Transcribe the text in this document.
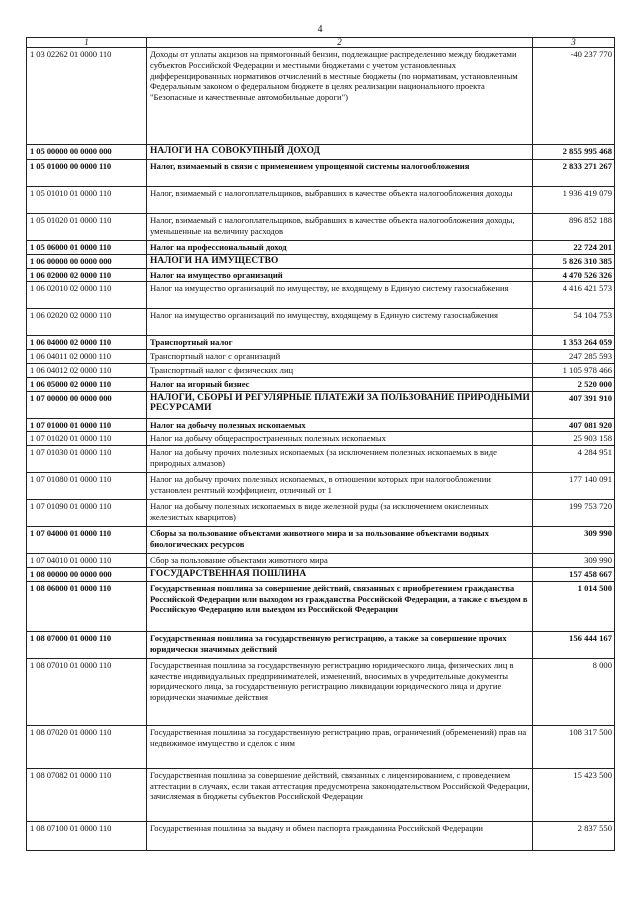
4
1	2	3
1 03 02262 01 0000 110	Доходы от уплаты акцизов на прямогонный бензин, подлежащие распределению между бюджетами субъектов Российской Федерации и местными бюджетами с учетом установленных дифференцированных нормативов отчислений в местные бюджеты (по нормативам, установленным Федеральным законом о федеральном бюджете в целях реализации национального проекта "Безопасные и качественные автомобильные дороги")	-40 237 770
1 05 00000 00 0000 000	НАЛОГИ НА СОВОКУПНЫЙ ДОХОД	2 855 995 468
1 05 01000 00 0000 110	Налог, взимаемый в связи с применением упрощенной системы налогообложения	2 833 271 267
1 05 01010 01 0000 110	Налог, взимаемый с налогоплательщиков, выбравших в качестве объекта налогообложения доходы	1 936 419 079
1 05 01020 01 0000 110	Налог, взимаемый с налогоплательщиков, выбравших в качестве объекта налогообложения доходы, уменьшенные на величину расходов	896 852 188
1 05 06000 01 0000 110	Налог на профессиональный доход	22 724 201
1 06 00000 00 0000 000	НАЛОГИ НА ИМУЩЕСТВО	5 826 310 385
1 06 02000 02 0000 110	Налог на имущество организаций	4 470 526 326
1 06 02010 02 0000 110	Налог на имущество организаций по имуществу, не входящему в Единую систему газоснабжения	4 416 421 573
1 06 02020 02 0000 110	Налог на имущество организаций по имуществу, входящему в Единую систему газоснабжения	54 104 753
1 06 04000 02 0000 110	Транспортный налог	1 353 264 059
1 06 04011 02 0000 110	Транспортный налог с организаций	247 285 593
1 06 04012 02 0000 110	Транспортный налог с физических лиц	1 105 978 466
1 06 05000 02 0000 110	Налог на игорный бизнес	2 520 000
1 07 00000 00 0000 000	НАЛОГИ, СБОРЫ И РЕГУЛЯРНЫЕ ПЛАТЕЖИ ЗА ПОЛЬЗОВАНИЕ ПРИРОДНЫМИ РЕСУРСАМИ	407 391 910
1 07 01000 01 0000 110	Налог на добычу полезных ископаемых	407 081 920
1 07 01020 01 0000 110	Налог на добычу общераспространенных полезных ископаемых	25 903 158
1 07 01030 01 0000 110	Налог на добычу прочих полезных ископаемых (за исключением полезных ископаемых в виде природных алмазов)	4 284 951
1 07 01080 01 0000 110	Налог на добычу прочих полезных ископаемых, в отношении которых при налогообложении установлен рентный коэффициент, отличный от 1	177 140 091
1 07 01090 01 0000 110	Налог на добычу полезных ископаемых в виде железной руды (за исключением окисленных железистых кварцитов)	199 753 720
1 07 04000 01 0000 110	Сборы за пользование объектами животного мира и за пользование объектами водных биологических ресурсов	309 990
1 07 04010 01 0000 110	Сбор за пользование объектами животного мира	309 990
1 08 00000 00 0000 000	ГОСУДАРСТВЕННАЯ ПОШЛИНА	157 458 667
1 08 06000 01 0000 110	Государственная пошлина за совершение действий, связанных с приобретением гражданства Российской Федерации или выходом из гражданства Российской Федерации, а также с въездом в Российскую Федерацию или выездом из Российской Федерации	1 014 500
1 08 07000 01 0000 110	Государственная пошлина за государственную регистрацию, а также за совершение прочих юридически значимых действий	156 444 167
1 08 07010 01 0000 110	Государственная пошлина за государственную регистрацию юридического лица, физических лиц в качестве индивидуальных предпринимателей, изменений, вносимых в учредительные документы юридического лица, за государственную регистрацию ликвидации юридического лица и другие юридически значимые действия	8 000
1 08 07020 01 0000 110	Государственная пошлина за государственную регистрацию прав, ограничений (обременений) прав на недвижимое имущество и сделок с ним	108 317 500
1 08 07082 01 0000 110	Государственная пошлина за совершение действий, связанных с лицензированием, с проведением аттестации в случаях, если такая аттестация предусмотрена законодательством Российской Федерации, зачисляемая в бюджеты субъектов Российской Федерации	15 423 500
1 08 07100 01 0000 110	Государственная пошлина за выдачу и обмен паспорта гражданина Российской Федерации	2 837 550
